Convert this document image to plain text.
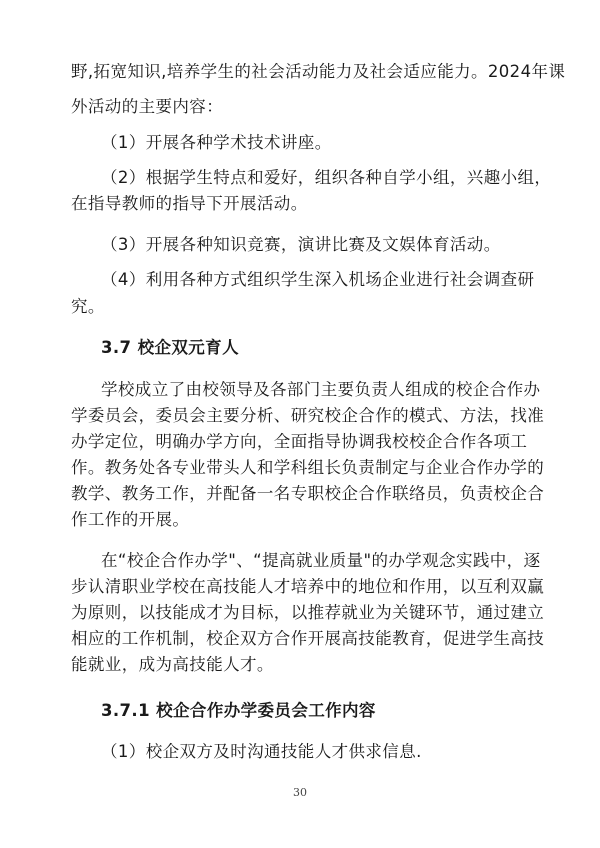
野,拓宽知识,培养学生的社会活动能力及社会适应能力。2024年课
外活动的主要内容：
（1）开展各种学术技术讲座。
（2）根据学生特点和爱好，组织各种自学小组，兴趣小组，
在指导教师的指导下开展活动。
（3）开展各种知识竞赛，演讲比赛及文娱体育活动。
（4）利用各种方式组织学生深入机场企业进行社会调查研
究。
3.7 校企双元育人
学校成立了由校领导及各部门主要负责人组成的校企合作办
学委员会，委员会主要分析、研究校企合作的模式、方法，找准
办学定位，明确办学方向，全面指导协调我校校企合作各项工
作。教务处各专业带头人和学科组长负责制定与企业合作办学的
教学、教务工作，并配备一名专职校企合作联络员，负责校企合
作工作的开展。
在“校企合作办学"、“提高就业质量"的办学观念实践中，逐
步认清职业学校在高技能人才培养中的地位和作用，以互利双赢
为原则，以技能成才为目标，以推荐就业为关键环节，通过建立
相应的工作机制，校企双方合作开展高技能教育，促进学生高技
能就业，成为高技能人才。
3.7.1 校企合作办学委员会工作内容
（1）校企双方及时沟通技能人才供求信息.
30
